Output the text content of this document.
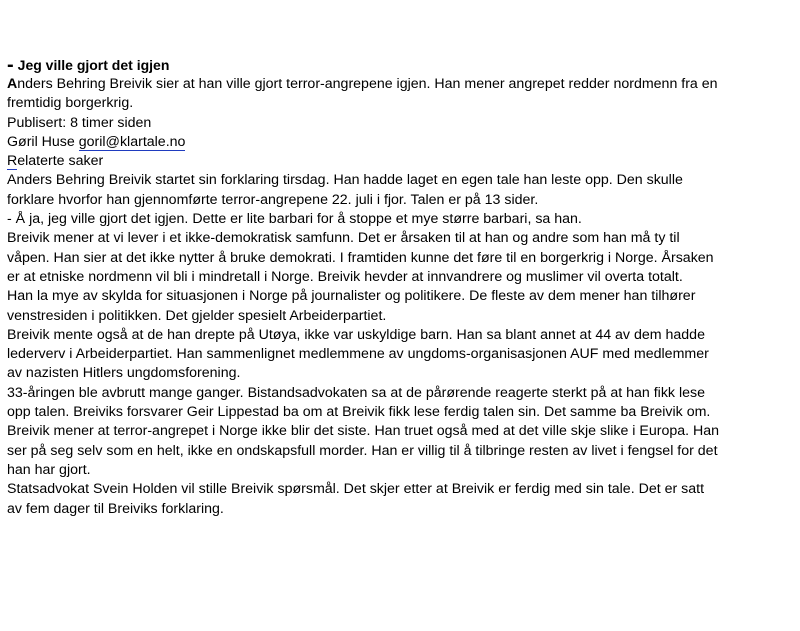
- Jeg ville gjort det igjen
Anders Behring Breivik sier at han ville gjort terror-angrepene igjen. Han mener angrepet redder nordmenn fra en
fremtidig borgerkrig.
Publisert: 8 timer siden
Gøril Huse goril@klartale.no
Relaterte saker
Anders Behring Breivik startet sin forklaring tirsdag. Han hadde laget en egen tale han leste opp. Den skulle
forklare hvorfor han gjennomførte terror-angrepene 22. juli i fjor. Talen er på 13 sider.
- Å ja, jeg ville gjort det igjen. Dette er lite barbari for å stoppe et mye større barbari, sa han.
Breivik mener at vi lever i et ikke-demokratisk samfunn. Det er årsaken til at han og andre som han må ty til
våpen. Han sier at det ikke nytter å bruke demokrati. I framtiden kunne det føre til en borgerkrig i Norge. Årsaken
er at etniske nordmenn vil bli i mindretall i Norge. Breivik hevder at innvandrere og muslimer vil overta totalt.
Han la mye av skylda for situasjonen i Norge på journalister og politikere. De fleste av dem mener han tilhører
venstresiden i politikken. Det gjelder spesielt Arbeiderpartiet.
Breivik mente også at de han drepte på Utøya, ikke var uskyldige barn. Han sa blant annet at 44 av dem hadde
lederverv i Arbeiderpartiet. Han sammenlignet medlemmene av ungdoms-organisasjonen AUF med medlemmer
av nazisten Hitlers ungdomsforening.
33-åringen ble avbrutt mange ganger. Bistandsadvokaten sa at de pårørende reagerte sterkt på at han fikk lese
opp talen. Breiviks forsvarer Geir Lippestad ba om at Breivik fikk lese ferdig talen sin. Det samme ba Breivik om.
Breivik mener at terror-angrepet i Norge ikke blir det siste. Han truet også med at det ville skje slike i Europa. Han
ser på seg selv som en helt, ikke en ondskapsfull morder. Han er villig til å tilbringe resten av livet i fengsel for det
han har gjort.
Statsadvokat Svein Holden vil stille Breivik spørsmål. Det skjer etter at Breivik er ferdig med sin tale. Det er satt
av fem dager til Breiviks forklaring.
